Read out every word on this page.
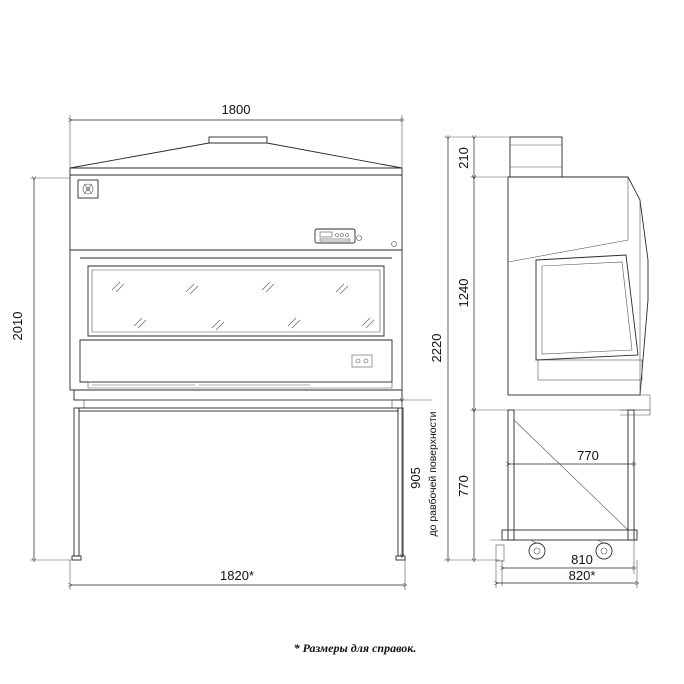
1800
2010
1820*
905 до равбочей поверхности
2220
210
1240
770
770
810
820*
* Размеры для справок.
